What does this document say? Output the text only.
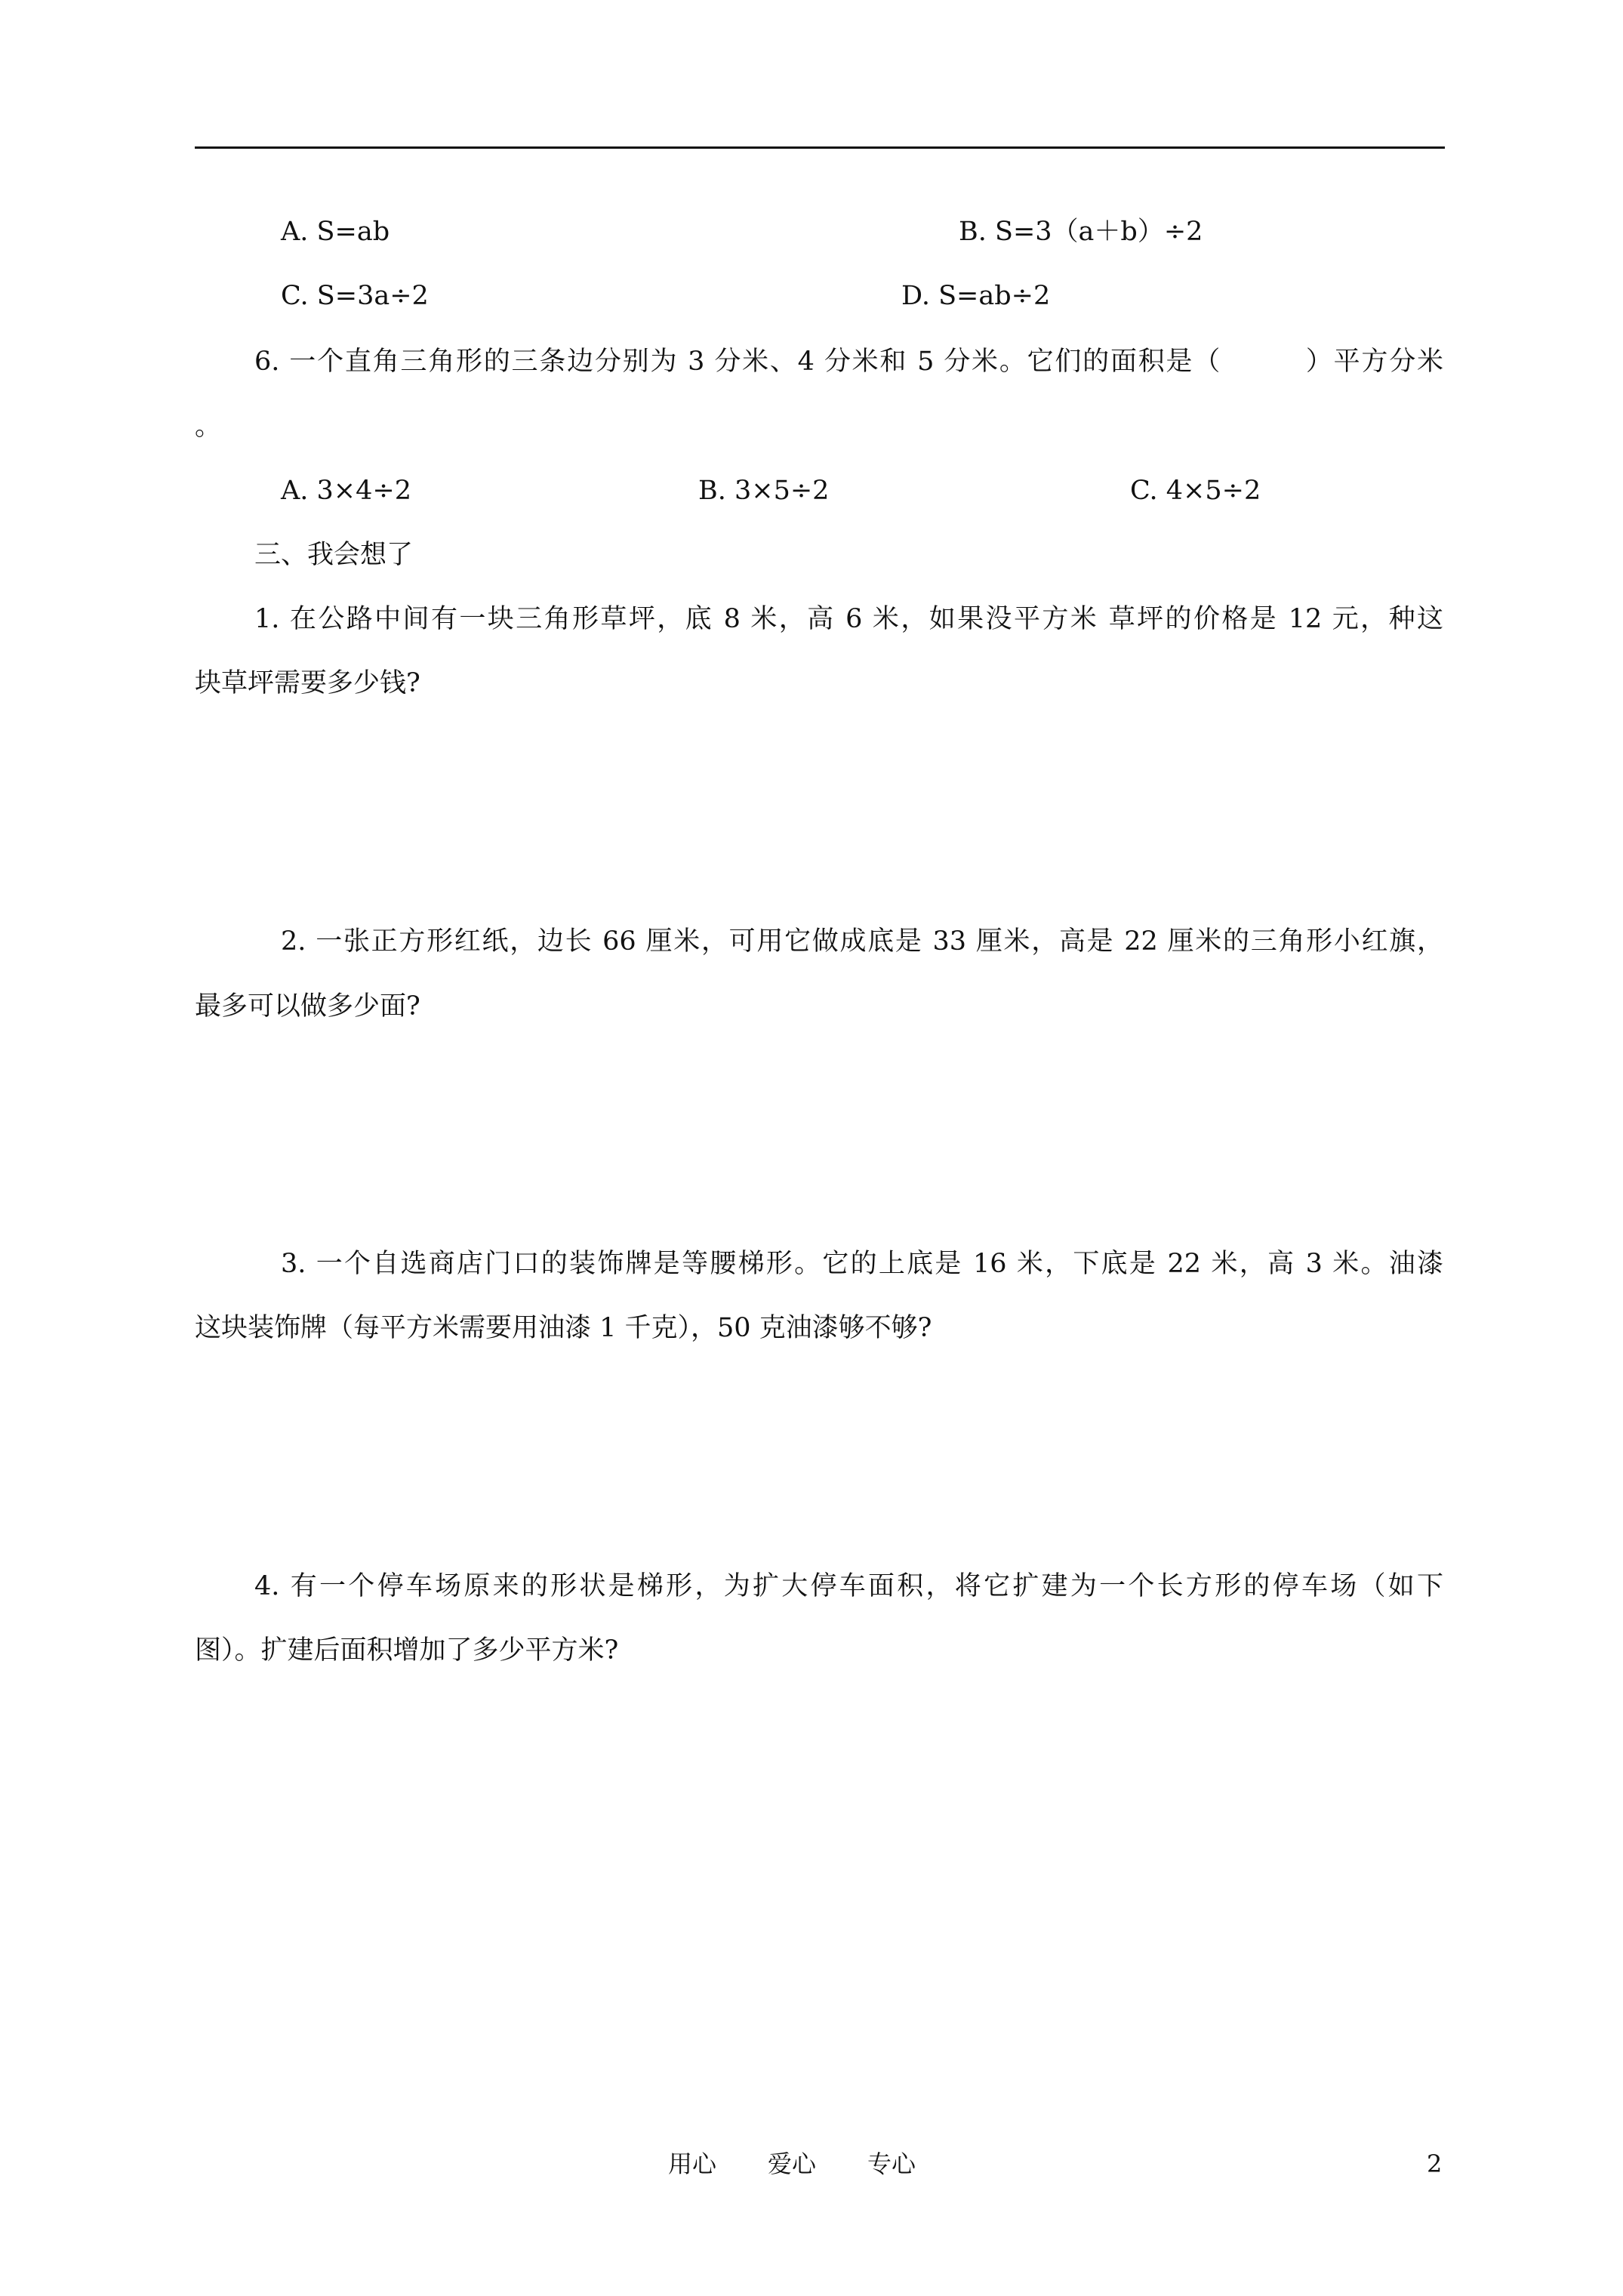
A. S=ab	B. S=3（a＋b）÷2
C. S=3a÷2	D. S=ab÷2
6. 一个直角三角形的三条边分别为 3 分米、4 分米和 5 分米。它们的面积是（	）平方分米
。
A. 3×4÷2	B. 3×5÷2	C. 4×5÷2
三、我会想了
1. 在公路中间有一块三角形草坪，底 8 米，高 6 米，如果没平方米 草坪的价格是 12 元，种这
块草坪需要多少钱?
2. 一张正方形红纸，边长 66 厘米，可用它做成底是 33 厘米，高是 22 厘米的三角形小红旗，
最多可以做多少面?
3. 一个自选商店门口的装饰牌是等腰梯形。它的上底是 16 米，下底是 22 米，高 3 米。油漆
这块装饰牌（每平方米需要用油漆 1 千克），50 克油漆够不够?
4. 有一个停车场原来的形状是梯形，为扩大停车面积，将它扩建为一个长方形的停车场（如下
图）。扩建后面积增加了多少平方米?
用心 爱心 专心	2
